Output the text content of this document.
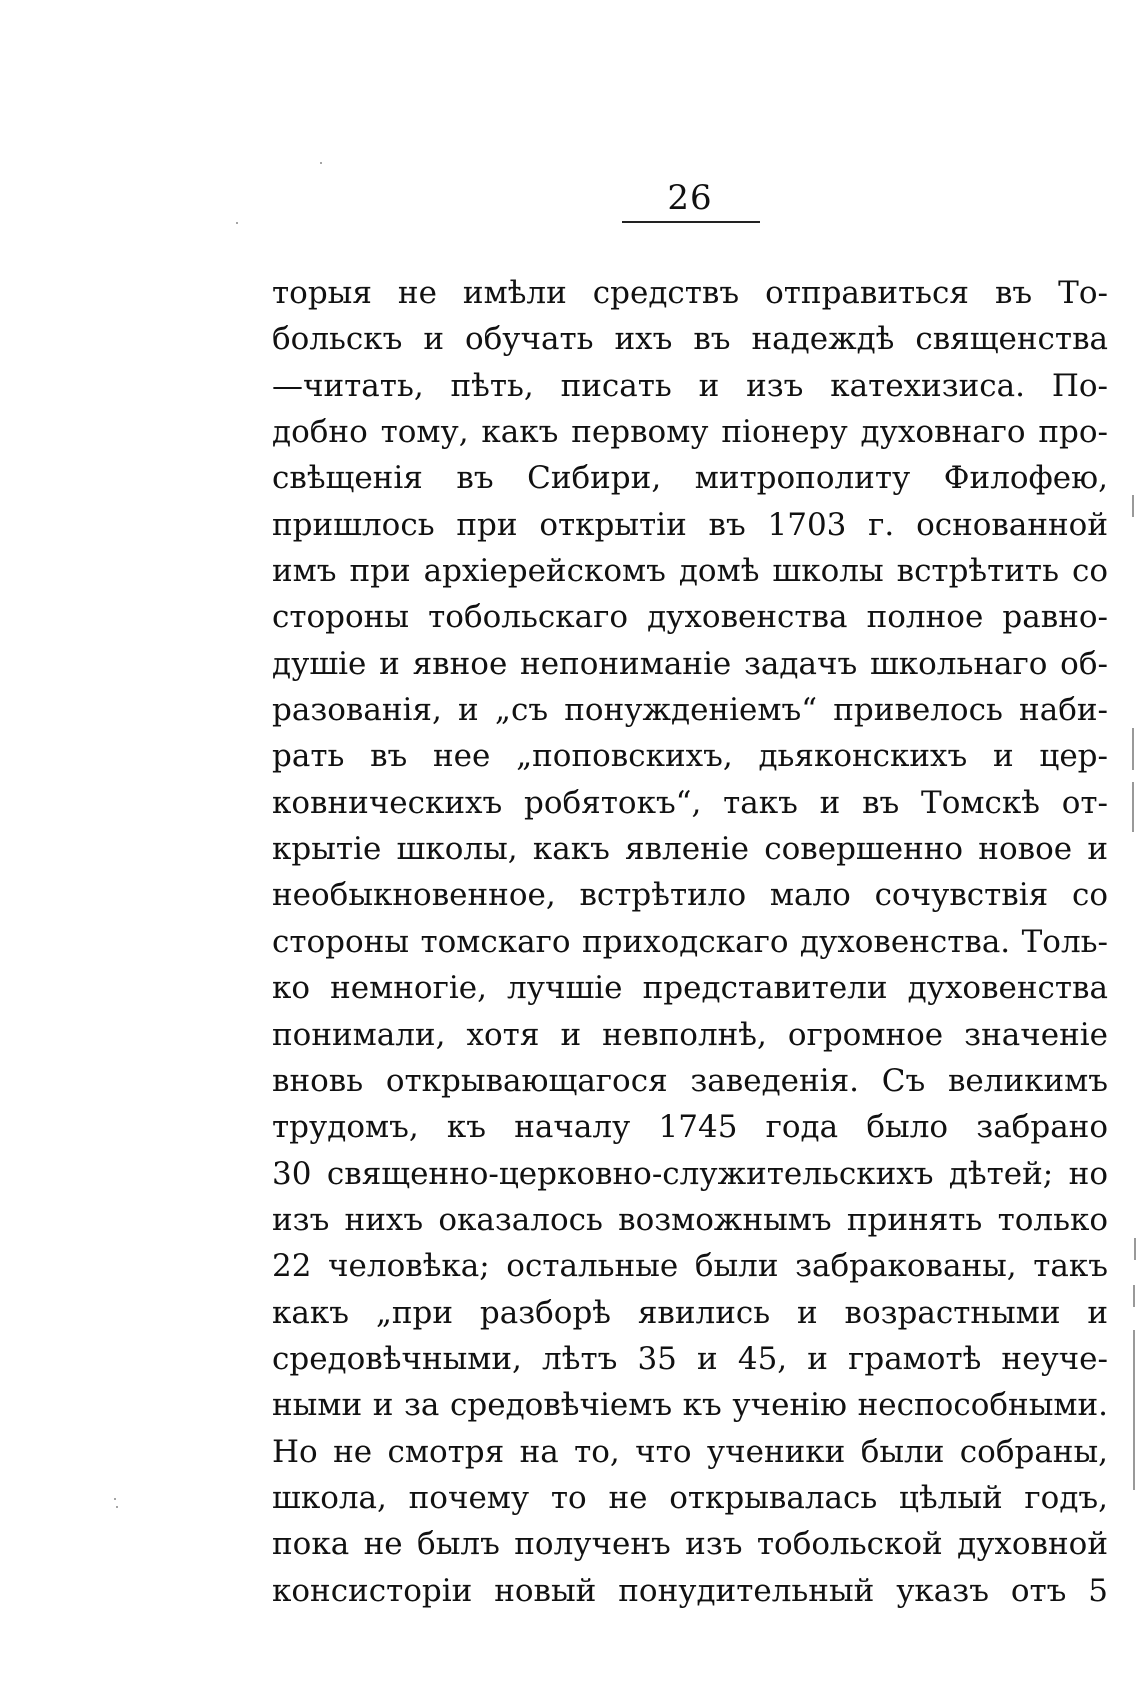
26
торыя не имѣли средствъ отправиться въ То-
больскъ и обучать ихъ въ надеждѣ священства
—читать, пѣть, писать и изъ катехизиса. По-
добно тому, какъ первому піонеру духовнаго про-
свѣщенія въ Сибири, митрополиту Филофею,
пришлось при открытіи въ 1703 г. основанной
имъ при архіерейскомъ домѣ школы встрѣтить со
стороны тобольскаго духовенства полное равно-
душіе и явное непониманіе задачъ школьнаго об-
разованія, и „съ понужденіемъ“ привелось наби-
рать въ нее „поповскихъ, дьяконскихъ и цер-
ковническихъ робятокъ“, такъ и въ Томскѣ от-
крытіе школы, какъ явленіе совершенно новое и
необыкновенное, встрѣтило мало сочувствія со
стороны томскаго приходскаго духовенства. Толь-
ко немногіе, лучшіе представители духовенства
понимали, хотя и невполнѣ, огромное значеніе
вновь открывающагося заведенія. Съ великимъ
трудомъ, къ началу 1745 года было забрано
30 священно-церковно-служительскихъ дѣтей; но
изъ нихъ оказалось возможнымъ принять только
22 человѣка; остальные были забракованы, такъ
какъ „при разборѣ явились и возрастными и
средовѣчными, лѣтъ 35 и 45, и грамотѣ неуче-
ными и за средовѣчіемъ къ ученію неспособными.
Но не смотря на то, что ученики были собраны,
школа, почему то не открывалась цѣлый годъ,
пока не былъ полученъ изъ тобольской духовной
консисторіи новый понудительный указъ отъ 5
